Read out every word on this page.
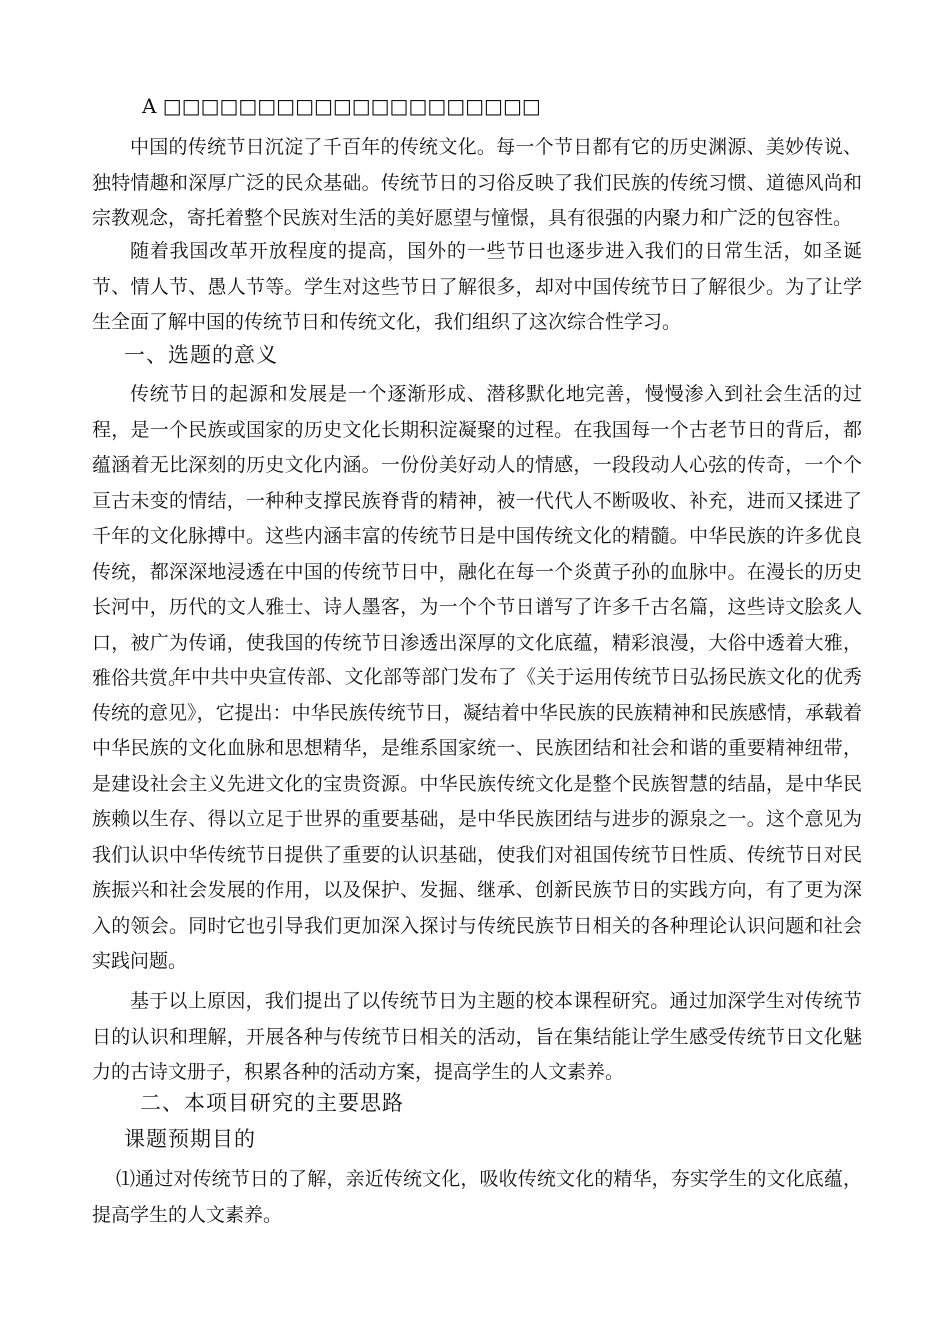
A □□□□□□□□□□□□□□□□□□□□

中国的传统节日沉淀了千百年的传统文化。每一个节日都有它的历史渊源、美妙传说、独特情趣和深厚广泛的民众基础。传统节日的习俗反映了我们民族的传统习惯、道德风尚和宗教观念，寄托着整个民族对生活的美好愿望与憧憬，具有很强的内聚力和广泛的包容性。

随着我国改革开放程度的提高，国外的一些节日也逐步进入我们的日常生活，如圣诞节、情人节、愚人节等。学生对这些节日了解很多，却对中国传统节日了解很少。为了让学生全面了解中国的传统节日和传统文化，我们组织了这次综合性学习。

一、选题的意义

传统节日的起源和发展是一个逐渐形成、潜移默化地完善，慢慢渗入到社会生活的过程，是一个民族或国家的历史文化长期积淀凝聚的过程。在我国每一个古老节日的背后，都蕴涵着无比深刻的历史文化内涵。一份份美好动人的情感，一段段动人心弦的传奇，一个个亘古未变的情结，一种种支撑民族脊背的精神，被一代代人不断吸收、补充，进而又揉进了千年的文化脉搏中。这些内涵丰富的传统节日是中国传统文化的精髓。中华民族的许多优良传统，都深深地浸透在中国的传统节日中，融化在每一个炎黄子孙的血脉中。在漫长的历史长河中，历代的文人雅士、诗人墨客，为一个个节日谱写了许多千古名篇，这些诗文脍炙人口，被广为传诵，使我国的传统节日渗透出深厚的文化底蕴，精彩浪漫，大俗中透着大雅，雅俗共赏。

年中共中央宣传部、文化部等部门发布了《关于运用传统节日弘扬民族文化的优秀传统的意见》，它提出：中华民族传统节日，凝结着中华民族的民族精神和民族感情，承载着中华民族的文化血脉和思想精华，是维系国家统一、民族团结和社会和谐的重要精神纽带，是建设社会主义先进文化的宝贵资源。中华民族传统文化是整个民族智慧的结晶，是中华民族赖以生存、得以立足于世界的重要基础，是中华民族团结与进步的源泉之一。这个意见为我们认识中华传统节日提供了重要的认识基础，使我们对祖国传统节日性质、传统节日对民族振兴和社会发展的作用，以及保护、发掘、继承、创新民族节日的实践方向，有了更为深入的领会。同时它也引导我们更加深入探讨与传统民族节日相关的各种理论认识问题和社会实践问题。

基于以上原因，我们提出了以传统节日为主题的校本课程研究。通过加深学生对传统节日的认识和理解，开展各种与传统节日相关的活动，旨在集结能让学生感受传统节日文化魅力的古诗文册子，积累各种的活动方案，提高学生的人文素养。

二、本项目研究的主要思路
课题预期目的

⑴通过对传统节日的了解，亲近传统文化，吸收传统文化的精华，夯实学生的文化底蕴，提高学生的人文素养。
